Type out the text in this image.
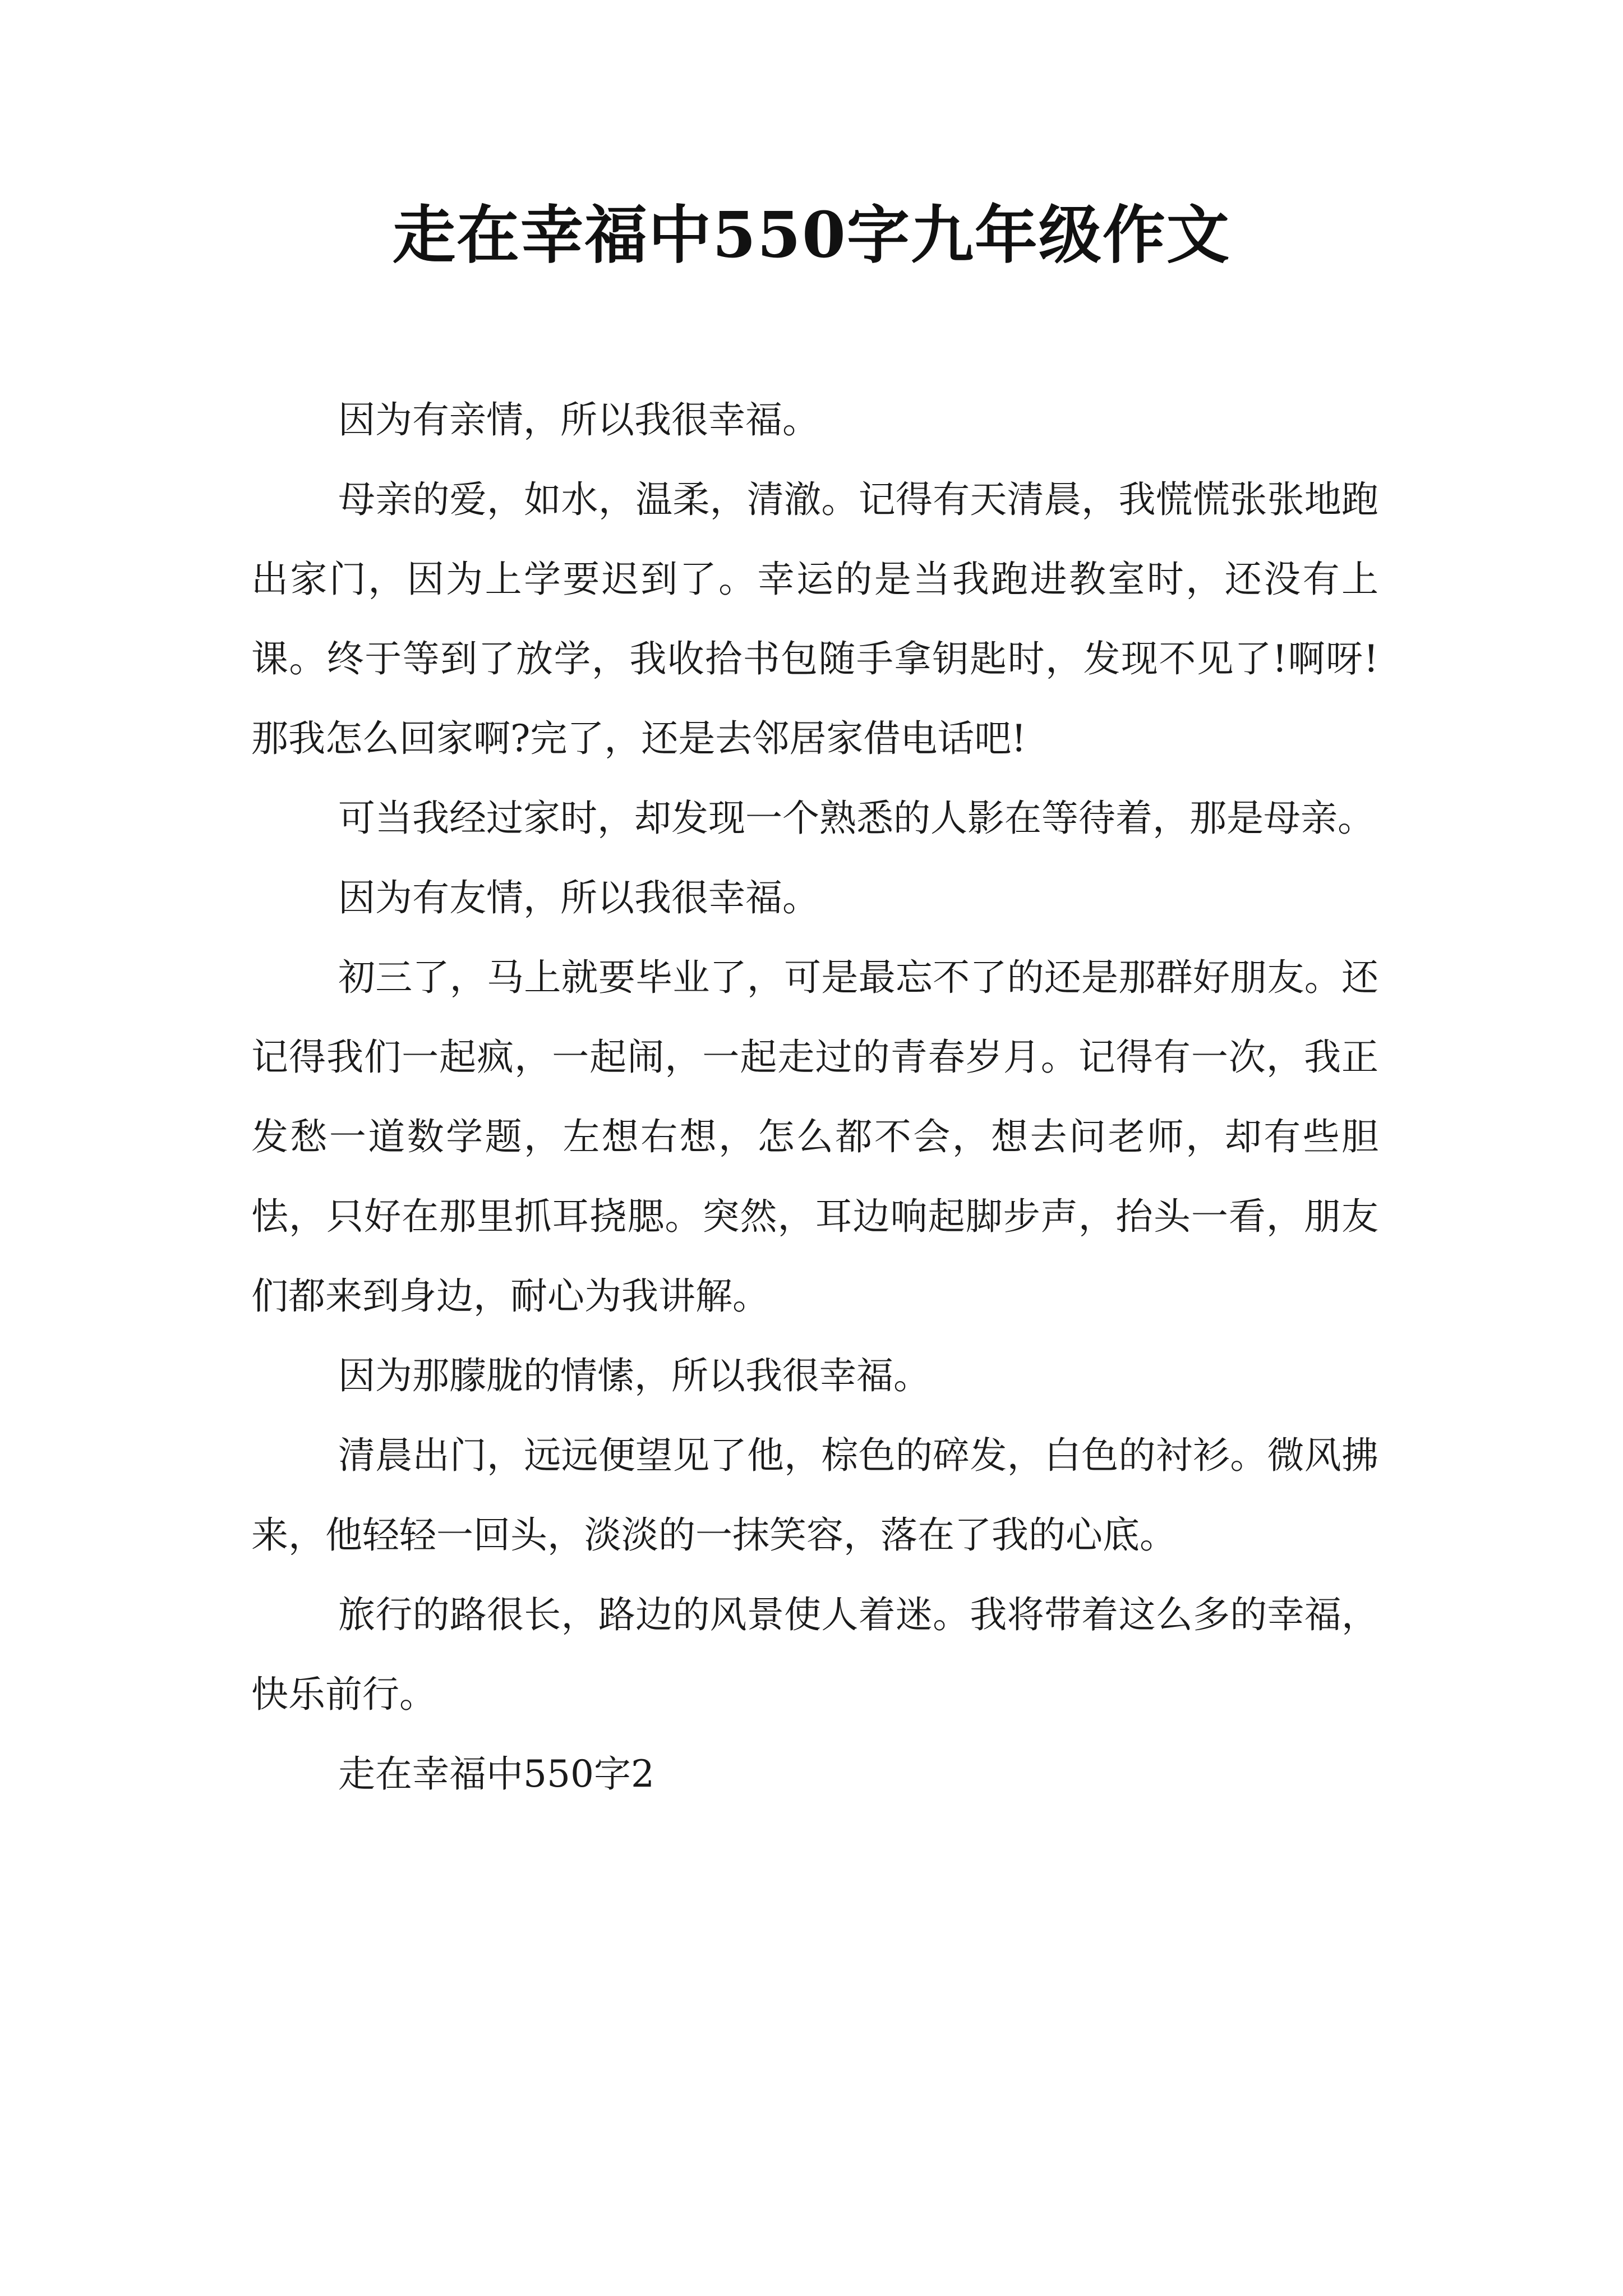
走在幸福中550字九年级作文

因为有亲情，所以我很幸福。

母亲的爱，如水，温柔，清澈。记得有天清晨，我慌慌张张地跑出家门，因为上学要迟到了。幸运的是当我跑进教室时，还没有上课。终于等到了放学，我收拾书包随手拿钥匙时，发现不见了!啊呀!那我怎么回家啊?完了，还是去邻居家借电话吧!

可当我经过家时，却发现一个熟悉的人影在等待着，那是母亲。

因为有友情，所以我很幸福。

初三了，马上就要毕业了，可是最忘不了的还是那群好朋友。还记得我们一起疯，一起闹，一起走过的青春岁月。记得有一次，我正发愁一道数学题，左想右想，怎么都不会，想去问老师，却有些胆怯，只好在那里抓耳挠腮。突然，耳边响起脚步声，抬头一看，朋友们都来到身边，耐心为我讲解。

因为那朦胧的情愫，所以我很幸福。

清晨出门，远远便望见了他，棕色的碎发，白色的衬衫。微风拂来，他轻轻一回头，淡淡的一抹笑容，落在了我的心底。

旅行的路很长，路边的风景使人着迷。我将带着这么多的幸福，快乐前行。

走在幸福中550字2
